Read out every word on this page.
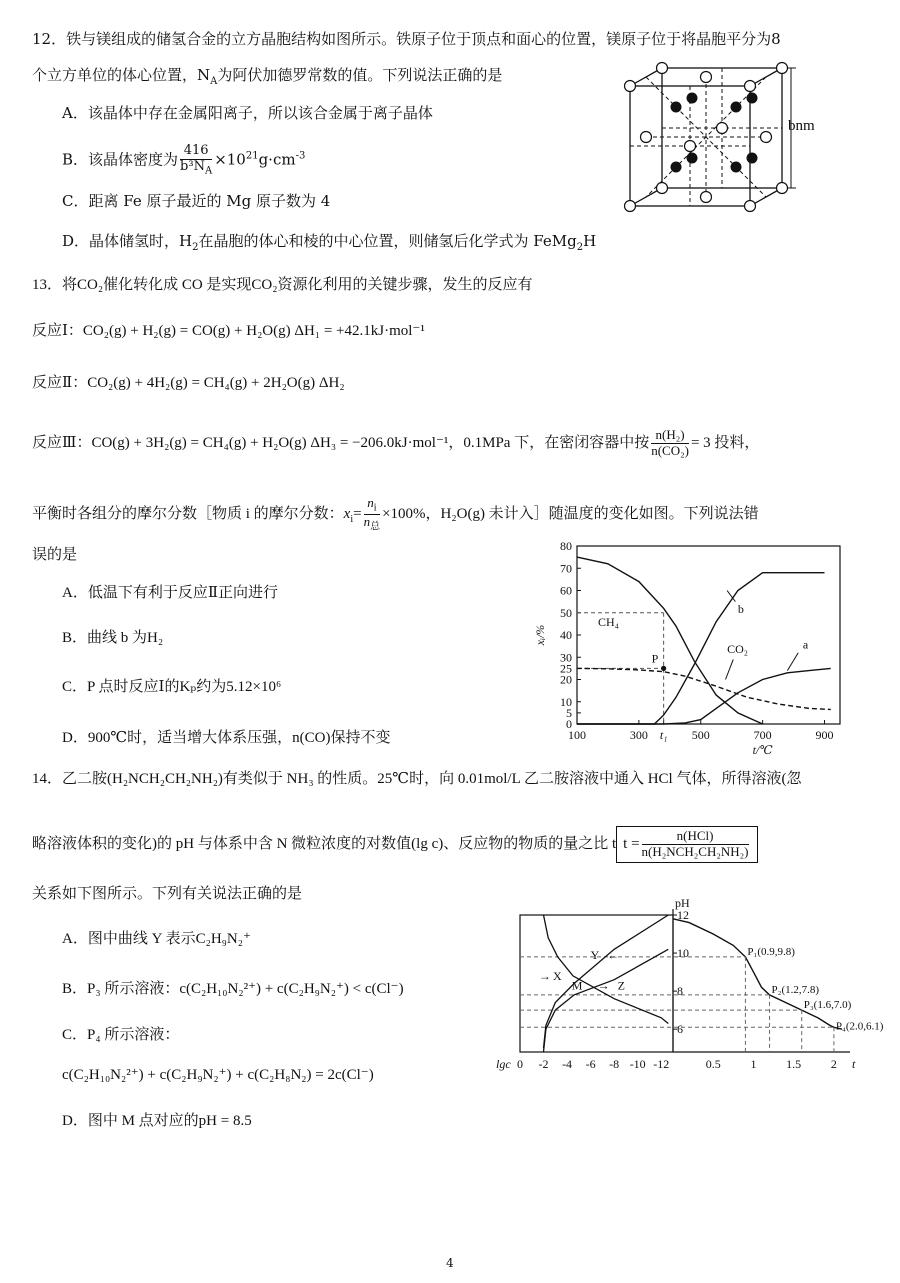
12．铁与镁组成的储氢合金的立方晶胞结构如图所示。铁原子位于顶点和面心的位置，镁原子位于将晶胞平分为8
个立方单位的体心位置，$N_A$为阿伏加德罗常数的值。下列说法正确的是
A．该晶体中存在金属阳离子，所以该合金属于离子晶体
B．该晶体密度为 $\frac{416}{b^3N_A} \times 10^{21}g\cdot cm^{-3}$
C．距离 Fe 原子最近的 Mg 原子数为 4
D．晶体储氢时，$H_2$在晶胞的体心和棱的中心位置，则储氢后化学式为 FeMg$_2$H
bnm
13．将CO₂催化转化成 CO 是实现CO₂资源化利用的关键步骤，发生的反应有
反应Ⅰ：CO₂(g) + H₂(g) = CO(g) + H₂O(g) ΔH₁ = +42.1kJ·mol⁻¹
反应Ⅱ：CO₂(g) + 4H₂(g) = CH₄(g) + 2H₂O(g) ΔH₂
反应Ⅲ：CO(g) + 3H₂(g) = CH₄(g) + H₂O(g) ΔH₃ = −206.0kJ·mol⁻¹，0.1MPa 下，在密闭容器中按 $\frac{\text{n(H₂)}}{\text{n(CO₂)}} = 3$ 投料，
平衡时各组分的摩尔分数［物质 i 的摩尔分数：$x_i= \frac{n_i}{n_总} \times 100\%$，H₂O(g) 未计入］随温度的变化如图。下列说法错
误的是
A．低温下有利于反应Ⅱ正向进行
B．曲线 b 为H₂
C．P 点时反应Ⅰ的Kₚ约为5.12×10⁶
D．900℃时，适当增大体系压强，n(CO)保持不变
0
5
10
20
25
30
40
50
60
70
80
100	300 t₁ 500	700	900
t/℃
xᵢ/%
P
CH₄
b
CO₂	a
14．乙二胺(H₂NCH₂CH₂NH₂)有类似于 NH₃ 的性质。25℃时，向 0.01mol/L 乙二胺溶液中通入 HCl 气体，所得溶液(忽
略溶液体积的变化)的 pH 与体系中含 N 微粒浓度的对数值(lg c)、反应物的物质的量之比 t $t = \frac{\text{n(HCl)}}{\text{n(H₂NCH₂CH₂NH₂)}}$
关系如下图所示。下列有关说法正确的是
A．图中曲线 Y 表示C₂H₉N₂⁺
B．P₃ 所示溶液：c(C₂H₁₀N₂²⁺) + c(C₂H₉N₂⁺) < c(Cl⁻)
C．P₄ 所示溶液：
c(C₂H₁₀N₂²⁺) + c(C₂H₉N₂⁺) + c(C₂H₈N₂) = 2c(Cl⁻)
D．图中 M 点对应的pH = 8.5
pH
6
8
10
12
0 -2 -4 -6 -8 -10 -12
lgc	0.5 1 1.5 2 t
P₁(0.9,9.8)
P₂(1.2,7.8)
P₃(1.6,7.0)
P₄(2.0,6.1)
X
Y
Z
M
→
←
→
4
